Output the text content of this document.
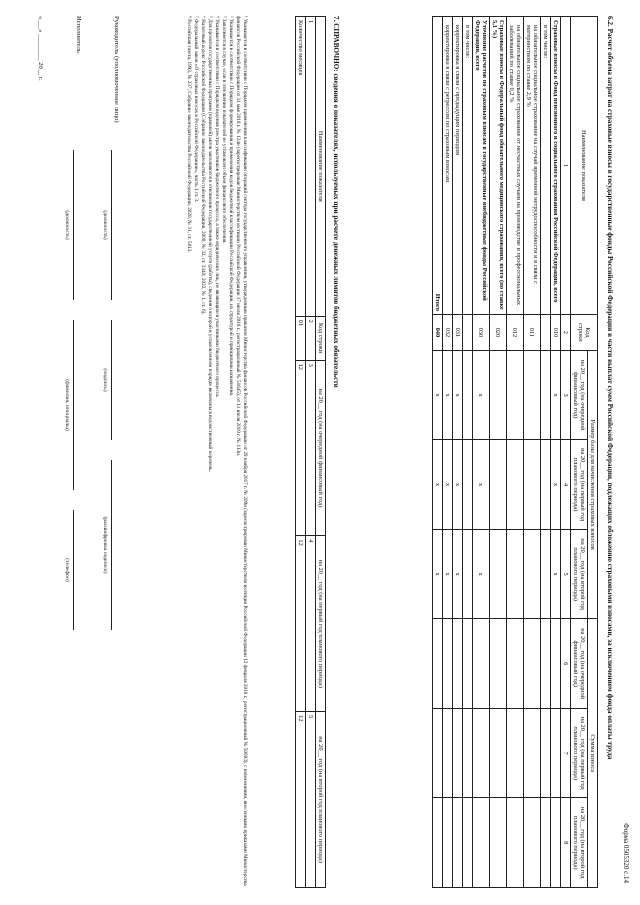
Форма 0505320 с.14
6.2. Расчет объема затрат на страховые взносы в государственные фонды Российской Федерации в части выплат сумм Российской Федерации, подлежащих обложению страховыми взносами, за исключением фонда оплаты труда
Наименование показателя	Код строки	Размер базы для начисления страховых взносов			Сумма взноса		
		на 20__ год (на очередной финансовый год)	на 20__ год (на первый год планового периода)	на 20__ год (на второй год планового периода)	на 20__ год (на очередной финансовый год)	на 20__ год (на первый год планового периода)	на 20__ год (на второй год планового периода)
1	2	3	4	5	6	7	8
Страховые взносы в Фонд пенсионного и социального страхования Российской Федерации, всего	010	x	x	x			
в том числе:							
на обязательное социальное страхование на случай временной нетрудоспособности и в связи с материнством по ставке 2,9 %	011						
на обязательное социальное страхование от несчастных случаев на производстве и профессиональных заболеваний по ставке 0,2 %	012						
Страховые взносы в Федеральный фонд обязательного медицинского страхования, всего (по ставке 5,1 %)	020						
Уточнение расчетов по страховым взносам в государственные внебюджетные фонды Российской Федерации, всего	030	x	x	x			
в том числе:							
корректировка в связи с предыдущим периодом	031	x	x	x			
корректировка в связи с регрессом по страховым взносам	032	x	x	x			
Итого	040	x	x	x			
7. СПРАВОЧНО: сведения о показателях, используемых при расчете денежных лимитов бюджетных обязательств
Наименование показателя	Код строки	на 20__ год (на очередной финансовый год)	на 20__ год (на первый год планового периода)	на 20__ год (на второй год планового периода)
1	2	3	4	5
Количество месяцев	01	12	12	12
¹ Указывается в соответствии с Порядком применения классификации операций сектора государственного управления, утвержденным приказом Министерства финансов Российской Федерации от 29 ноября 2017 г. № 209н (зарегистрирован Министерством юстиции Российской Федерации 12 февраля 2018 г., регистрационный № 50003), с изменениями, внесенными приказами Министерства финансов Российской Федерации от 31 мая 2018 г. № 124н (зарегистрирован Министерством юстиции Российской Федерации 17 июля 2018 г., регистрационный № 51645), от 11 июля 2019 г. № 113н.
² Указывается в соответствии с Порядком формирования и применения кодов бюджетной классификации Российской Федерации, их структурой и принципами назначения.
³ Заполняется в случае, если в отношении показателей не установлен объем финансового обеспечения.
⁴ Указывается в соответствии с Порядком ведения реестра участников бюджетного процесса, а также юридических лиц, не являющихся участниками бюджетного процесса.
⁵ Для проектов государственных программ (правовой) актов заполняются в отношении государственной услуги (работы), сведения о которой в установленном порядке включены в ведомственный перечень.
⁶ Налоговый кодекс Российской Федерации (Собрание законодательства Российской Федерации, 2000, № 32, ст. 3340; 2022, № 1, ст. 6).
⁷ Федеральный закон «О страховых взносах в Российской Федерации», часть 1 ст. 3.
⁸ Российская газета, 1993, № 237; Собрание законодательства Российской Федерации, 2020, № 31, ст. 5013.
Руководитель (уполномоченное лицо)
(должность)
(подпись)
(расшифровка подписи)
Исполнитель
(должность)
(фамилия, инициалы)
(телефон)
«___» ________ 20__ г.
